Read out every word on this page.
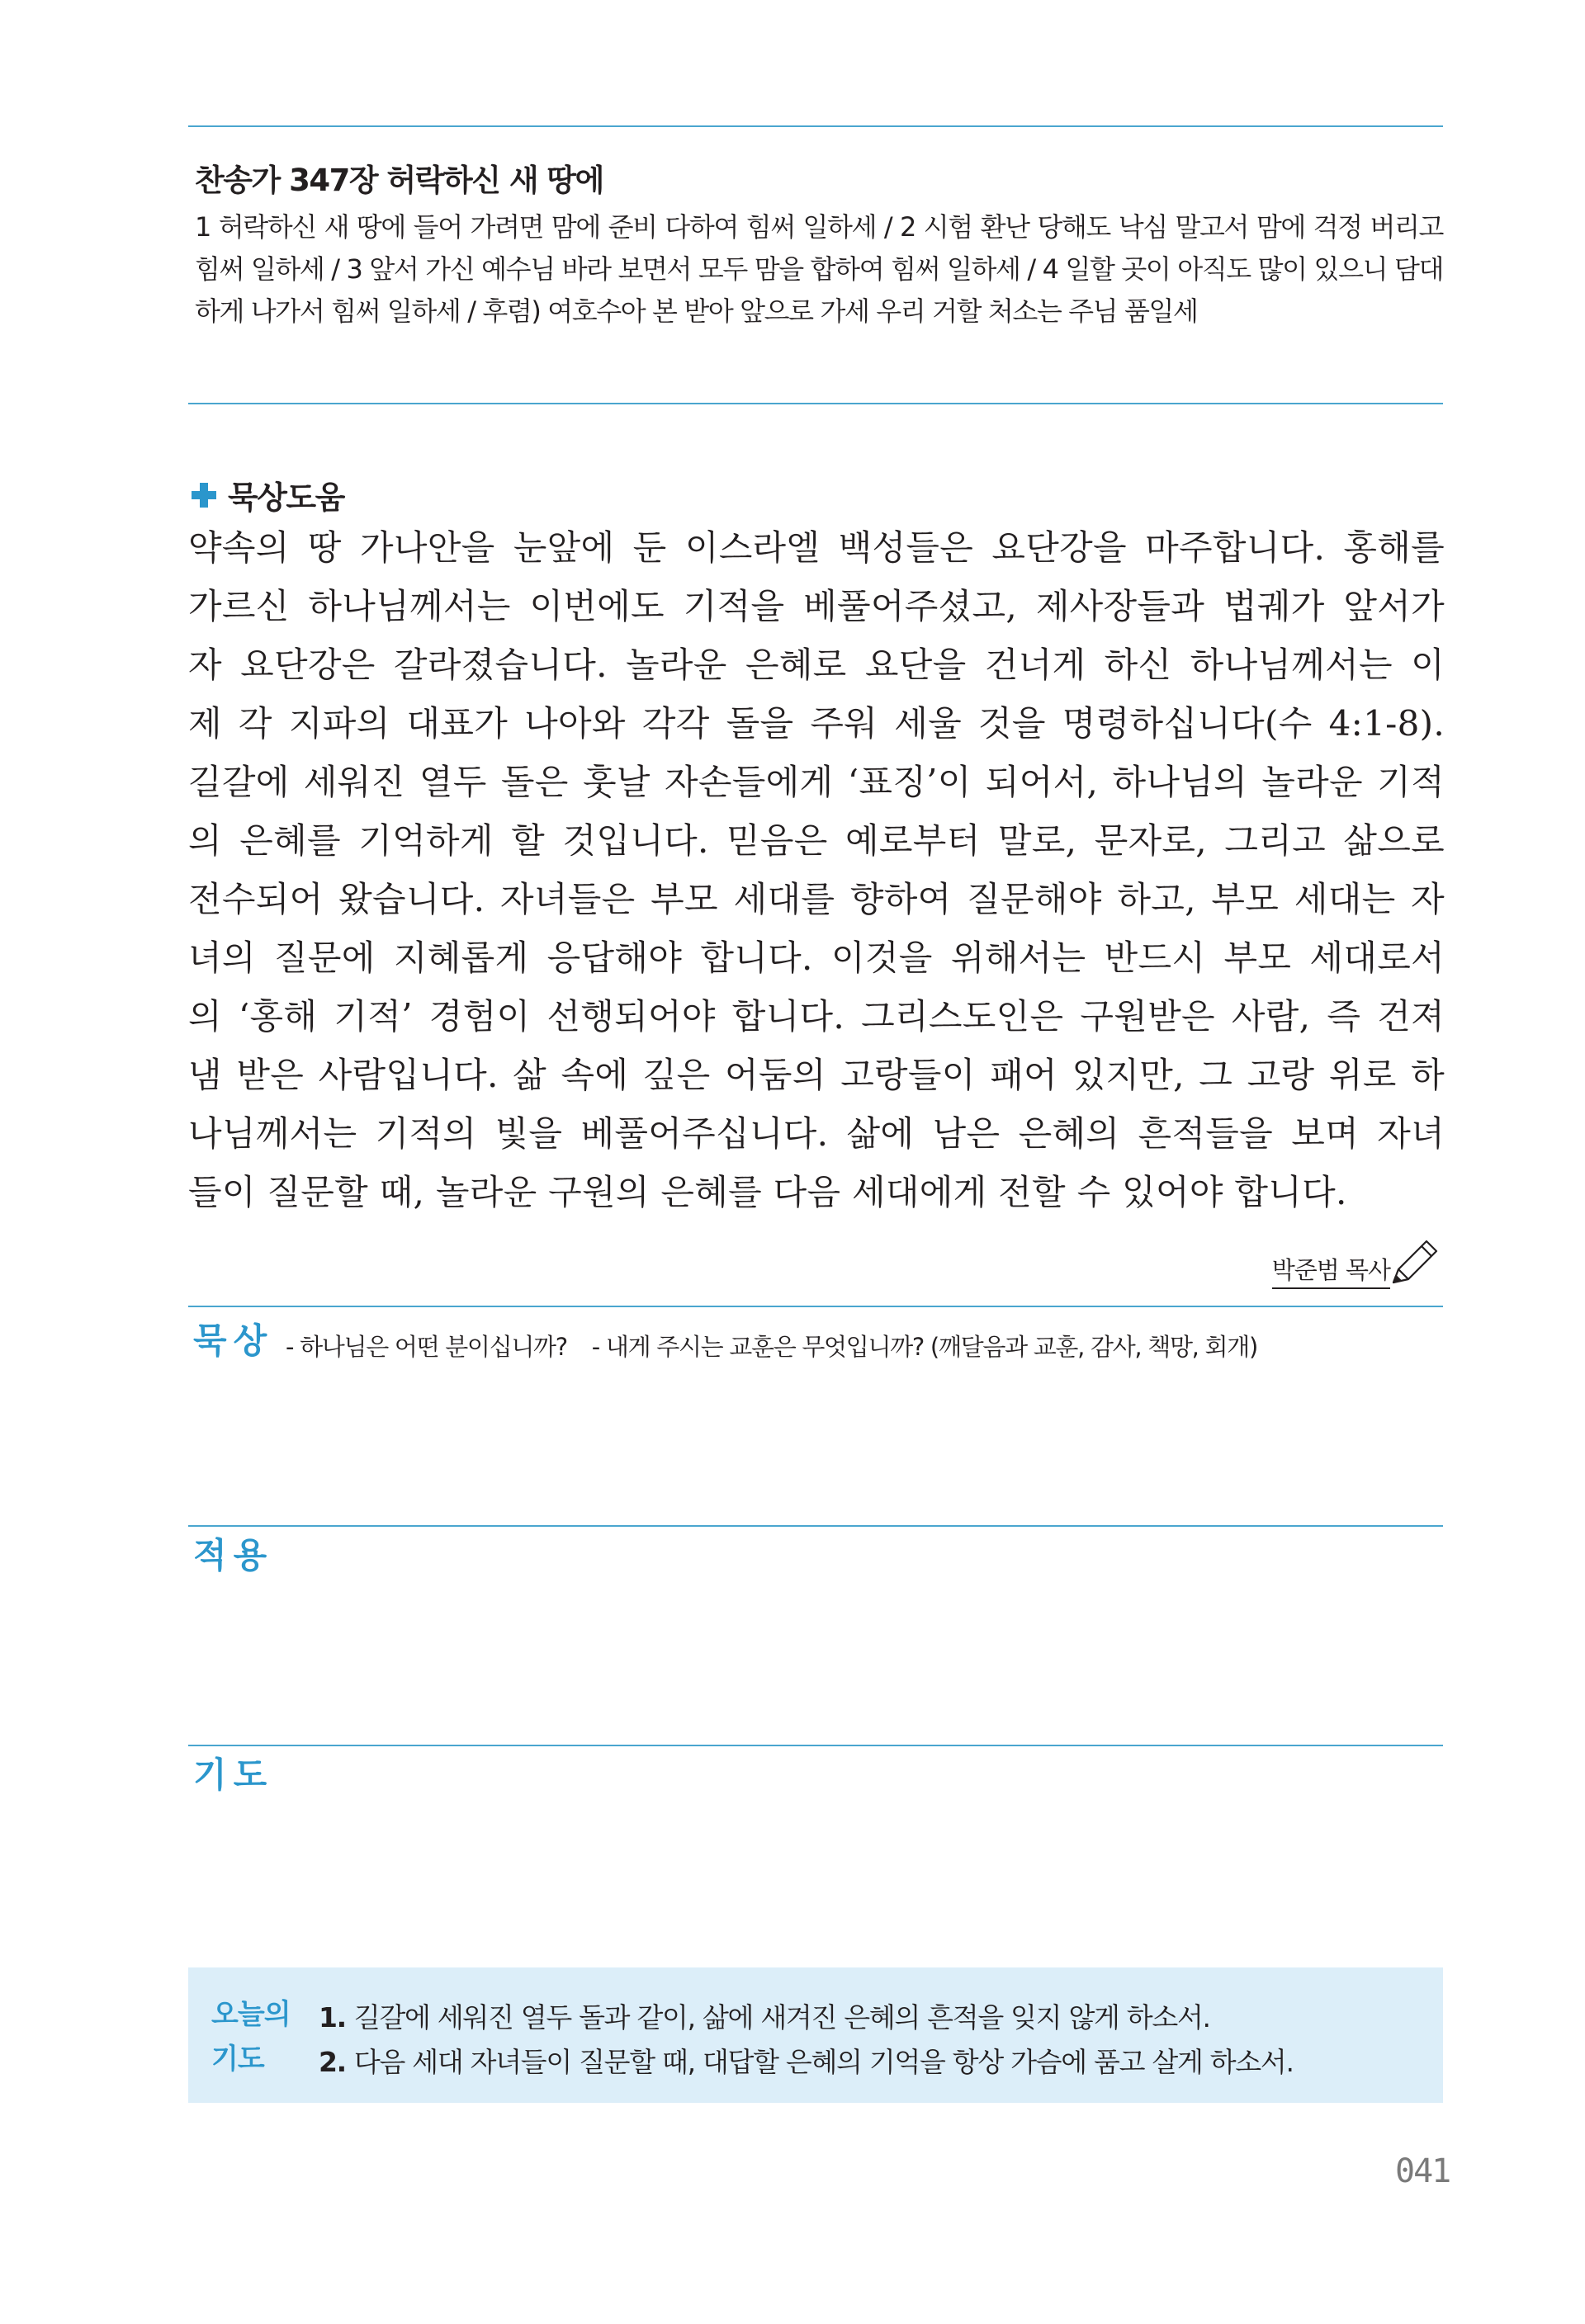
찬송가 347장 허락하신 새 땅에
1 허락하신 새 땅에 들어 가려면 맘에 준비 다하여 힘써 일하세 / 2 시험 환난 당해도 낙심 말고서 맘에 걱정 버리고 힘써 일하세 / 3 앞서 가신 예수님 바라 보면서 모두 맘을 합하여 힘써 일하세 / 4 일할 곳이 아직도 많이 있으니 담대하게 나가서 힘써 일하세 / 후렴) 여호수아 본 받아 앞으로 가세 우리 거할 처소는 주님 품일세
묵상도움
약속의 땅 가나안을 눈앞에 둔 이스라엘 백성들은 요단강을 마주합니다. 홍해를
가르신 하나님께서는 이번에도 기적을 베풀어주셨고, 제사장들과 법궤가 앞서가
자 요단강은 갈라졌습니다. 놀라운 은혜로 요단을 건너게 하신 하나님께서는 이
제 각 지파의 대표가 나아와 각각 돌을 주워 세울 것을 명령하십니다(수 4:1-8).
길갈에 세워진 열두 돌은 훗날 자손들에게 ‘표징’이 되어서, 하나님의 놀라운 기적
의 은혜를 기억하게 할 것입니다. 믿음은 예로부터 말로, 문자로, 그리고 삶으로
전수되어 왔습니다. 자녀들은 부모 세대를 향하여 질문해야 하고, 부모 세대는 자
녀의 질문에 지혜롭게 응답해야 합니다. 이것을 위해서는 반드시 부모 세대로서
의 ‘홍해 기적’ 경험이 선행되어야 합니다. 그리스도인은 구원받은 사람, 즉 건져
냄 받은 사람입니다. 삶 속에 깊은 어둠의 고랑들이 패어 있지만, 그 고랑 위로 하
나님께서는 기적의 빛을 베풀어주십니다. 삶에 남은 은혜의 흔적들을 보며 자녀
들이 질문할 때, 놀라운 구원의 은혜를 다음 세대에게 전할 수 있어야 합니다.
박준범 목사
묵상 - 하나님은 어떤 분이십니까? - 내게 주시는 교훈은 무엇입니까? (깨달음과 교훈, 감사, 책망, 회개)
적용
기도
오늘의
기도
1. 길갈에 세워진 열두 돌과 같이, 삶에 새겨진 은혜의 흔적을 잊지 않게 하소서.
2. 다음 세대 자녀들이 질문할 때, 대답할 은혜의 기억을 항상 가슴에 품고 살게 하소서.
041
